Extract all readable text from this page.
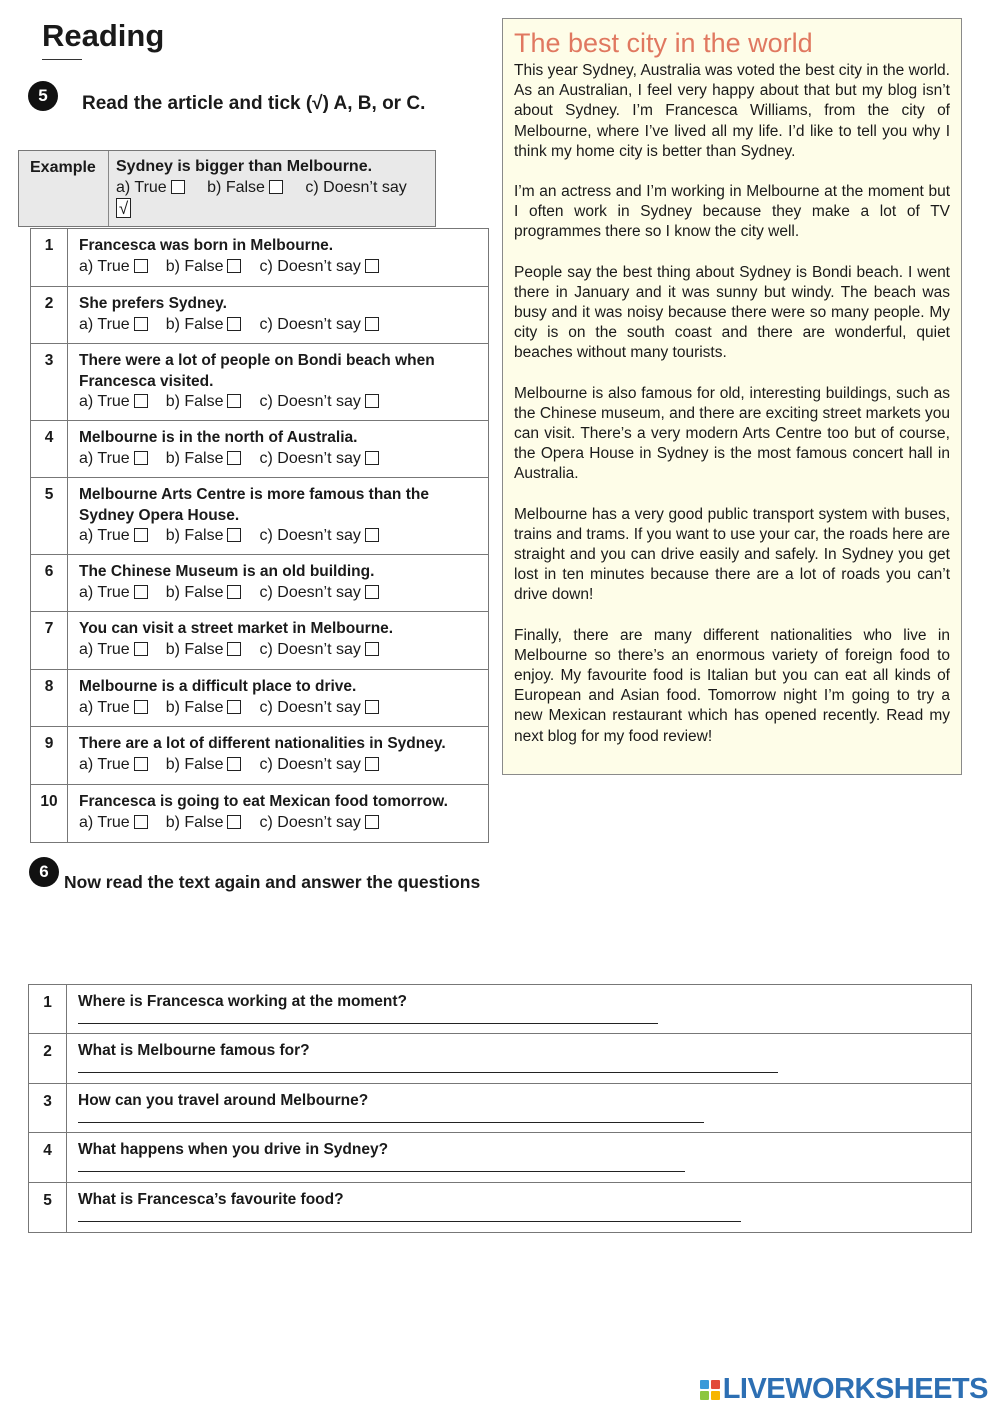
Reading
5	Read the article and tick (√) A, B, or C.
Example	Sydney is bigger than Melbourne.
a) True	b) False	c) Doesn’t say
√
1	Francesca was born in Melbourne.
a) True b) False c) Doesn’t say
2	She prefers Sydney.
a) True b) False c) Doesn’t say
3	There were a lot of people on Bondi beach when Francesca visited.
a) True b) False c) Doesn’t say
4	Melbourne is in the north of Australia.
a) True b) False c) Doesn’t say
5	Melbourne Arts Centre is more famous than the Sydney Opera House.
a) True b) False c) Doesn’t say
6	The Chinese Museum is an old building.
a) True b) False c) Doesn’t say
7	You can visit a street market in Melbourne.
a) True b) False c) Doesn’t say
8	Melbourne is a difficult place to drive.
a) True b) False c) Doesn’t say
9	There are a lot of different nationalities in Sydney.
a) True b) False c) Doesn’t say
10	Francesca is going to eat Mexican food tomorrow.
a) True b) False c) Doesn’t say
The best city in the world

This year Sydney, Australia was voted the best city in the world. As an Australian, I feel very happy about that but my blog isn’t about Sydney. I’m Francesca Williams, from the city of Melbourne, where I’ve lived all my life. I’d like to tell you why I think my home city is better than Sydney.

I’m an actress and I’m working in Melbourne at the moment but I often work in Sydney because they make a lot of TV programmes there so I know the city well.

People say the best thing about Sydney is Bondi beach. I went there in January and it was sunny but windy. The beach was busy and it was noisy because there were so many people. My city is on the south coast and there are wonderful, quiet beaches without many tourists.

Melbourne is also famous for old, interesting buildings, such as the Chinese museum, and there are exciting street markets you can visit. There’s a very modern Arts Centre too but of course, the Opera House in Sydney is the most famous concert hall in Australia.

Melbourne has a very good public transport system with buses, trains and trams. If you want to use your car, the roads here are straight and you can drive easily and safely. In Sydney you get lost in ten minutes because there are a lot of roads you can’t drive down!

Finally, there are many different nationalities who live in Melbourne so there’s an enormous variety of foreign food to enjoy. My favourite food is Italian but you can eat all kinds of European and Asian food. Tomorrow night I’m going to try a new Mexican restaurant which has opened recently. Read my next blog for my food review!

6
Now read the text again and answer the questions
1	Where is Francesca working at the moment?
2	What is Melbourne famous for?
3	How can you travel around Melbourne?
4	What happens when you drive in Sydney?
5	What is Francesca’s favourite food?
LIVEWORKSHEETS
